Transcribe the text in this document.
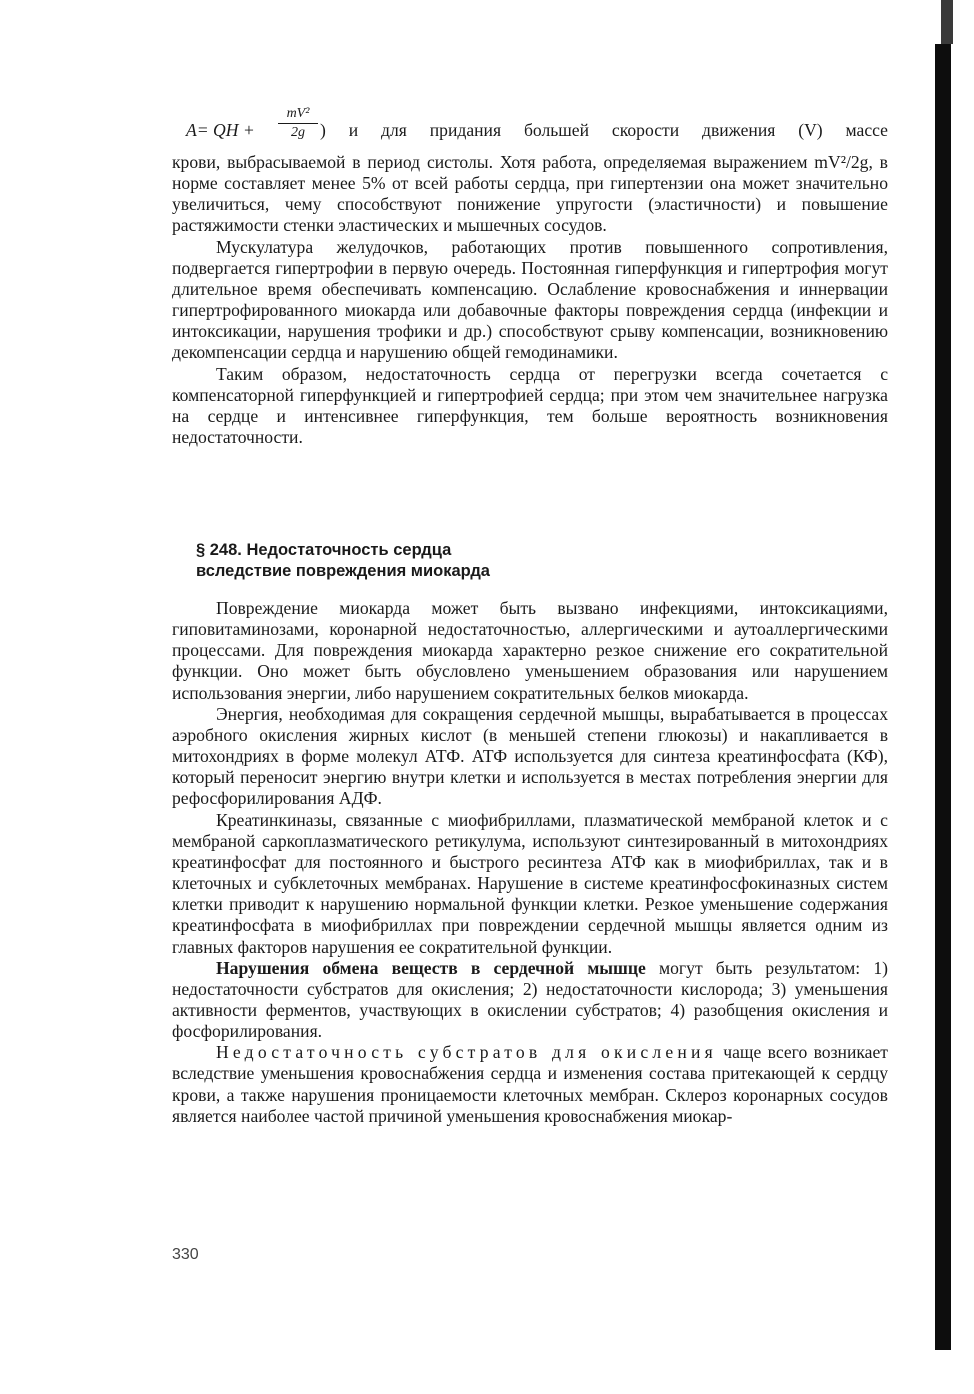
A= QH +
mV²
2g ) и для придания большей скорости движения (V) массе

крови, выбрасываемой в период систолы. Хотя работа, определяемая выражением mV²/2g, в норме составляет менее 5% от всей работы сердца, при гипертензии она может значительно увеличиться, чему способствуют понижение упругости (эластичности) и повышение растяжимости стенки эластических и мышечных сосудов.

Мускулатура желудочков, работающих против повышенного сопротивления, подвергается гипертрофии в первую очередь. Постоянная гиперфункция и гипертрофия могут длительное время обеспечивать компенсацию. Ослабление кровоснабжения и иннервации гипертрофированного миокарда или добавочные факторы повреждения сердца (инфекции и интоксикации, нарушения трофики и др.) способствуют срыву компенсации, возникновению декомпенсации сердца и нарушению общей гемодинамики.

Таким образом, недостаточность сердца от перегрузки всегда сочетается с компенсаторной гиперфункцией и гипертрофией сердца; при этом чем значительнее нагрузка на сердце и интенсивнее гиперфункция, тем больше вероятность возникновения недостаточности.

§ 248. Недостаточность сердца
вследствие повреждения миокарда

Повреждение миокарда может быть вызвано инфекциями, интоксикациями, гиповитаминозами, коронарной недостаточностью, аллергическими и аутоаллергическими процессами. Для повреждения миокарда характерно резкое снижение его сократительной функции. Оно может быть обусловлено уменьшением образования или нарушением использования энергии, либо нарушением сократительных белков миокарда.

Энергия, необходимая для сокращения сердечной мышцы, вырабатывается в процессах аэробного окисления жирных кислот (в меньшей степени глюкозы) и накапливается в митохондриях в форме молекул АТФ. АТФ используется для синтеза креатинфосфата (КФ), который переносит энергию внутри клетки и используется в местах потребления энергии для рефосфорилирования АДФ.

Креатинкиназы, связанные с миофибриллами, плазматической мембраной клеток и с мембраной саркоплазматического ретикулума, используют синтезированный в митохондриях креатинфосфат для постоянного и быстрого ресинтеза АТФ как в миофибриллах, так и в клеточных и субклеточных мембранах. Нарушение в системе креатинфосфокиназных систем клетки приводит к нарушению нормальной функции клетки. Резкое уменьшение содержания креатинфосфата в миофибриллах при повреждении сердечной мышцы является одним из главных факторов нарушения ее сократительной функции.

Нарушения обмена веществ в сердечной мышце могут быть результатом: 1) недостаточности субстратов для окисления; 2) недостаточности кислорода; 3) уменьшения активности ферментов, участвующих в окислении субстратов; 4) разобщения окисления и фосфорилирования.

Недостаточность субстратов для окисления чаще всего возникает вследствие уменьшения кровоснабжения сердца и изменения состава притекающей к сердцу крови, а также нарушения проницаемости клеточных мембран. Склероз коронарных сосудов является наиболее частой причиной уменьшения кровоснабжения миокар-

330
